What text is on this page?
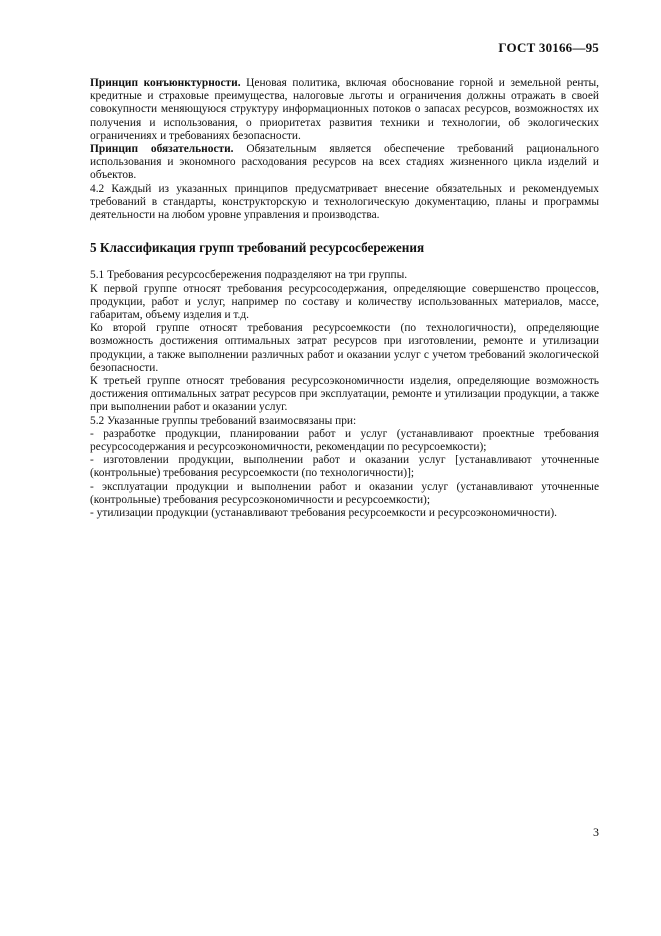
ГОСТ 30166—95

Принцип конъюнктурности. Ценовая политика, включая обоснование горной и земельной ренты, кредитные и страховые преимущества, налоговые льготы и ограничения должны отражать в своей совокупности меняющуюся структуру информационных потоков о запасах ресурсов, возможностях их получения и использования, о приоритетах развития техники и технологии, об экологических ограничениях и требованиях безопасности.

Принцип обязательности. Обязательным является обеспечение требований рационального использования и экономного расходования ресурсов на всех стадиях жизненного цикла изделий и объектов.

4.2 Каждый из указанных принципов предусматривает внесение обязательных и рекомендуемых требований в стандарты, конструкторскую и технологическую документацию, планы и программы деятельности на любом уровне управления и производства.

5 Классификация групп требований ресурсосбережения

5.1 Требования ресурсосбережения подразделяют на три группы.

К первой группе относят требования ресурсосодержания, определяющие совершенство процессов, продукции, работ и услуг, например по составу и количеству использованных материалов, массе, габаритам, объему изделия и т.д.

Ко второй группе относят требования ресурсоемкости (по технологичности), определяющие возможность достижения оптимальных затрат ресурсов при изготовлении, ремонте и утилизации продукции, а также выполнении различных работ и оказании услуг с учетом требований экологической безопасности.

К третьей группе относят требования ресурсоэкономичности изделия, определяющие возможность достижения оптимальных затрат ресурсов при эксплуатации, ремонте и утилизации продукции, а также при выполнении работ и оказании услуг.

5.2 Указанные группы требований взаимосвязаны при:

- разработке продукции, планировании работ и услуг (устанавливают проектные требования ресурсосодержания и ресурсоэкономичности, рекомендации по ресурсоемкости);

- изготовлении продукции, выполнении работ и оказании услуг [устанавливают уточненные (контрольные) требования ресурсоемкости (по технологичности)];

- эксплуатации продукции и выполнении работ и оказании услуг (устанавливают уточненные (контрольные) требования ресурсоэкономичности и ресурсоемкости);

- утилизации продукции (устанавливают требования ресурсоемкости и ресурсоэкономичности).

3
